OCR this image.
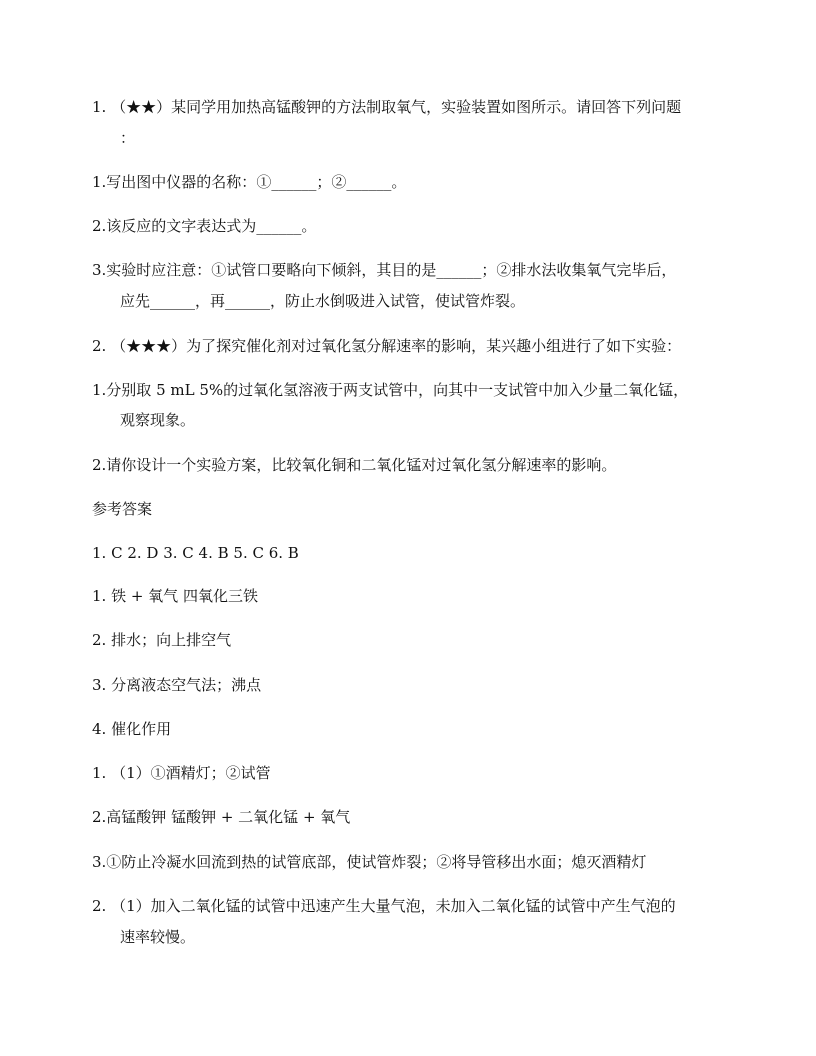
1. （★★）某同学用加热高锰酸钾的方法制取氧气，实验装置如图所示。请回答下列问题
：
1.写出图中仪器的名称：①______；②______。
2.该反应的文字表达式为______。
3.实验时应注意：①试管口要略向下倾斜，其目的是______；②排水法收集氧气完毕后，
应先______，再______，防止水倒吸进入试管，使试管炸裂。
2. （★★★）为了探究催化剂对过氧化氢分解速率的影响，某兴趣小组进行了如下实验：
1.分别取 5 mL 5%的过氧化氢溶液于两支试管中，向其中一支试管中加入少量二氧化锰，
观察现象。
2.请你设计一个实验方案，比较氧化铜和二氧化锰对过氧化氢分解速率的影响。
参考答案
1. C 2. D 3. C 4. B 5. C 6. B
1. 铁 + 氧气 四氧化三铁
2. 排水；向上排空气
3. 分离液态空气法；沸点
4. 催化作用
1. （1）①酒精灯；②试管
2.高锰酸钾 锰酸钾 + 二氧化锰 + 氧气
3.①防止冷凝水回流到热的试管底部，使试管炸裂；②将导管移出水面；熄灭酒精灯
2. （1）加入二氧化锰的试管中迅速产生大量气泡，未加入二氧化锰的试管中产生气泡的
速率较慢。
